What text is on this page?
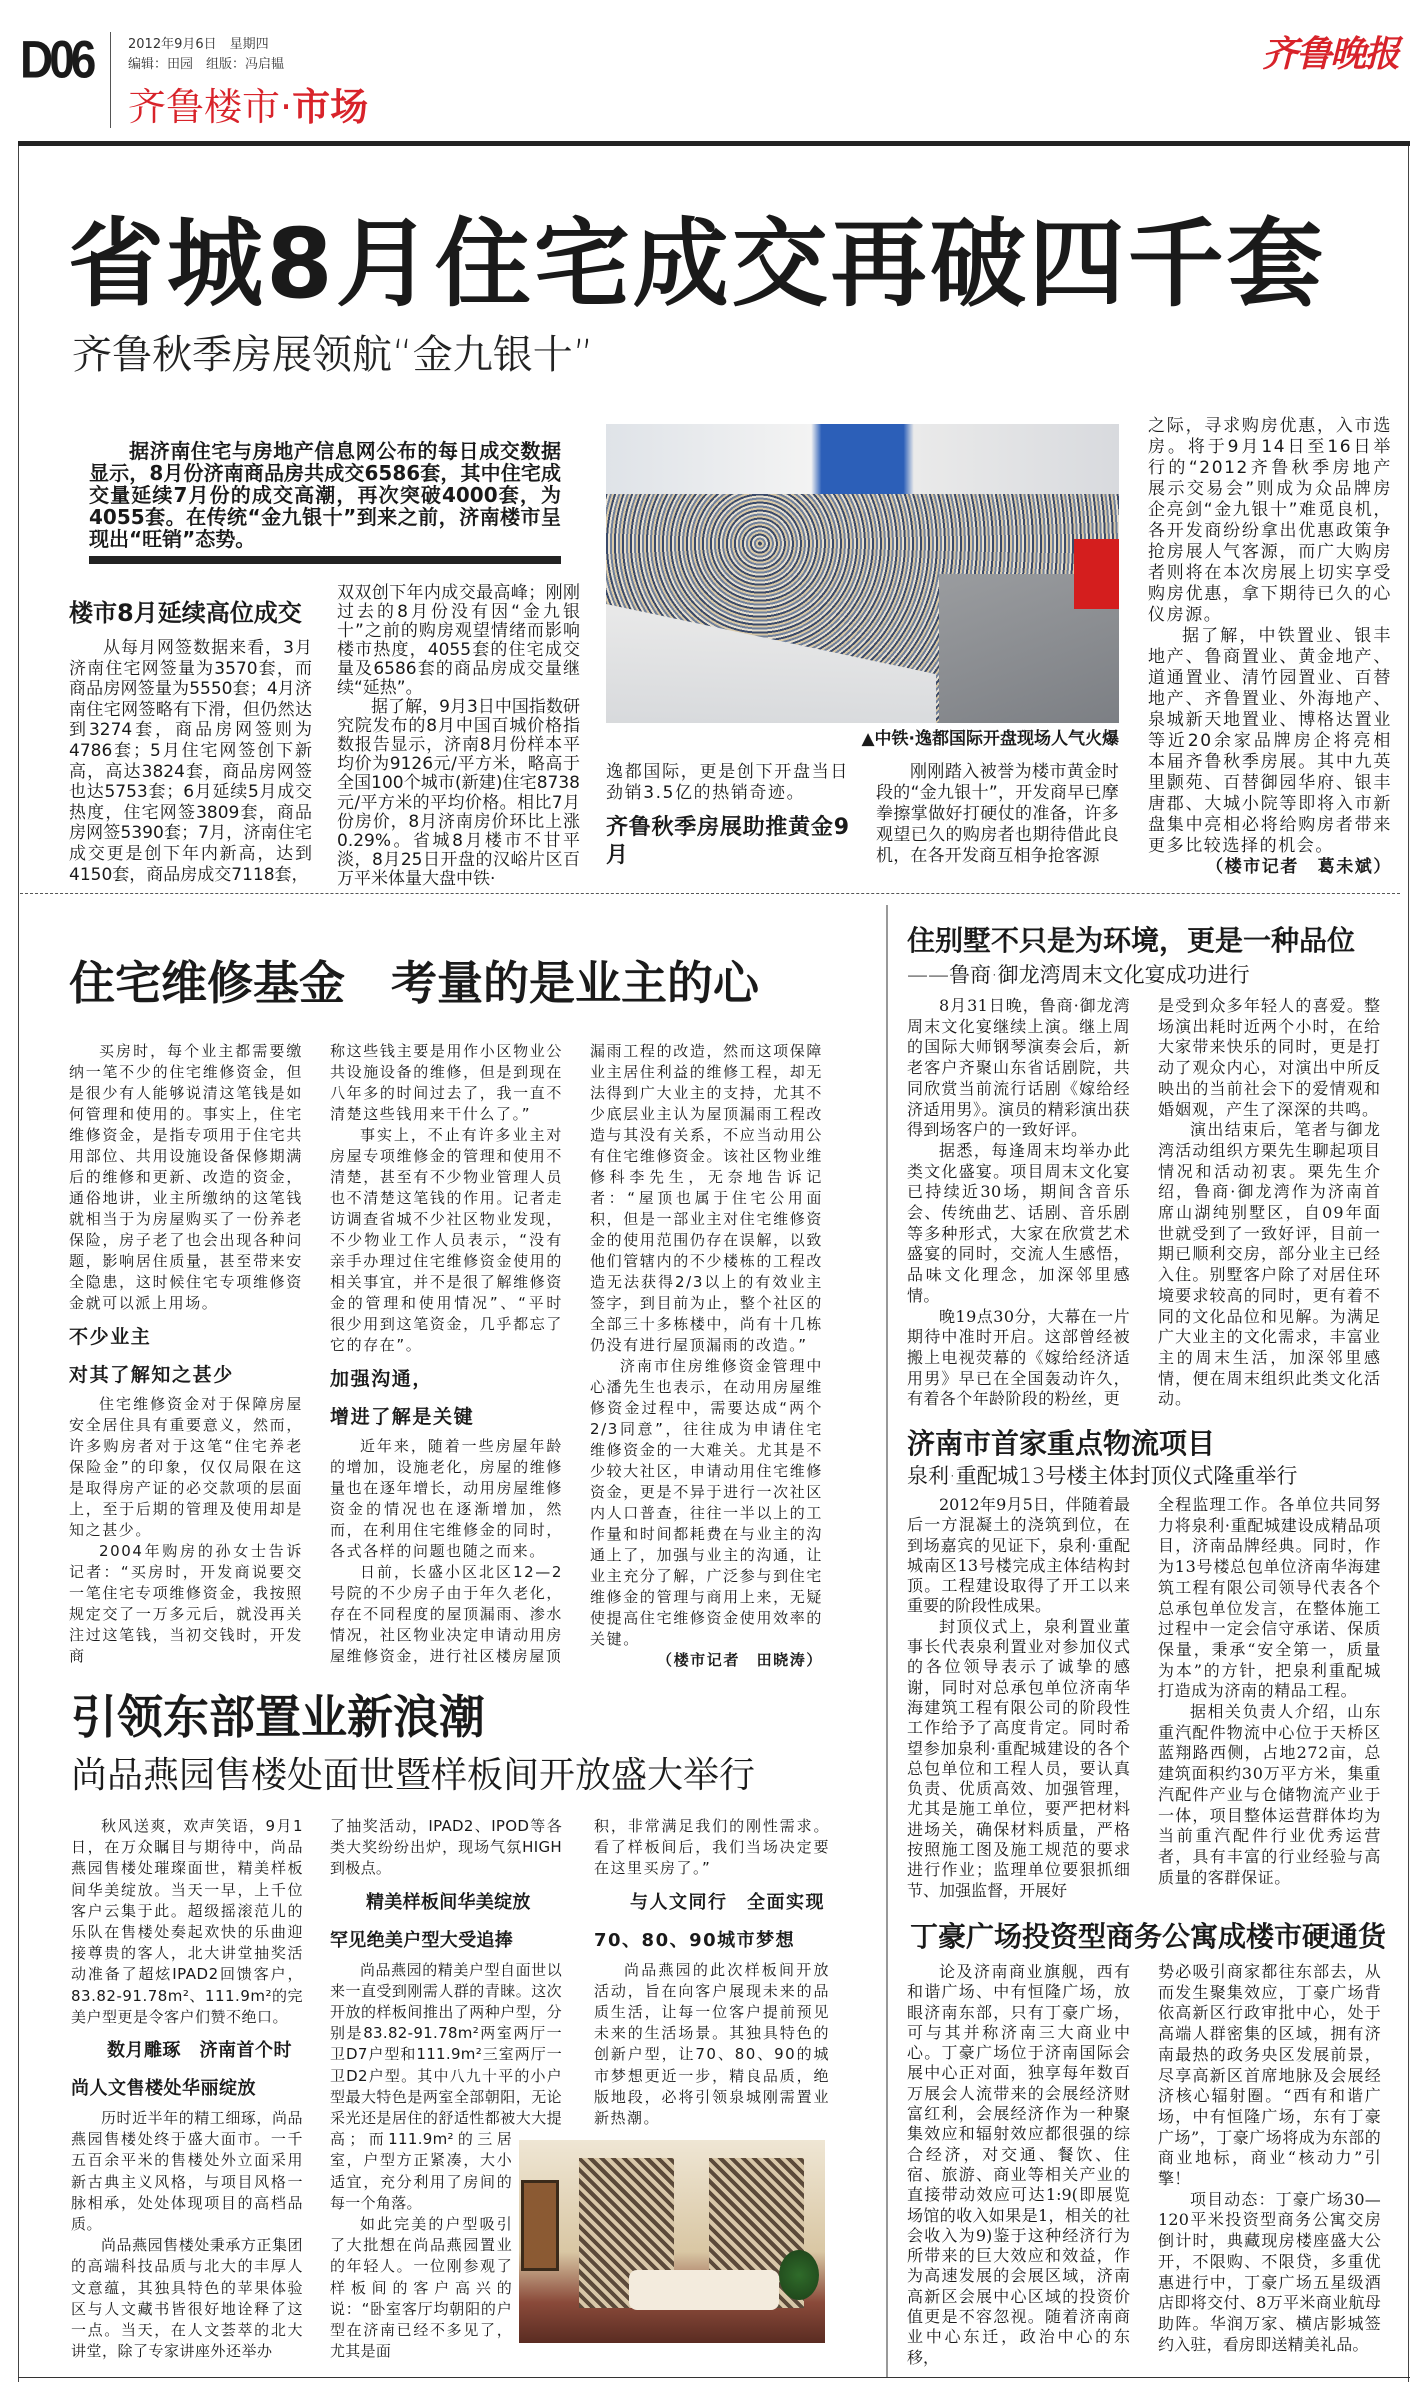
D06	2012年9月6日　星期四
编辑：田园　组版：冯启韫
齐鲁楼市·市场
齐鲁晚报
省城8月住宅成交再破四千套
齐鲁秋季房展领航“金九银十”
据济南住宅与房地产信息网公布的每日成交数据显示，8月份济南商品房共成交6586套，其中住宅成交量延续7月份的成交高潮，再次突破4000套，为4055套。在传统“金九银十”到来之前，济南楼市呈现出“旺销”态势。
楼市8月延续高位成交

从每月网签数据来看，3月济南住宅网签量为3570套，而商品房网签量为5550套；4月济南住宅网签略有下滑，但仍然达到3274套，商品房网签则为4786套；5月住宅网签创下新高，高达3824套，商品房网签也达5753套；6月延续5月成交热度，住宅网签3809套，商品房网签5390套；7月，济南住宅成交更是创下年内新高，达到4150套，商品房成交7118套，

双双创下年内成交最高峰；刚刚过去的8月份没有因“金九银十”之前的购房观望情绪而影响楼市热度，4055套的住宅成交量及6586套的商品房成交量继续“延热”。

据了解，9月3日中国指数研究院发布的8月中国百城价格指数报告显示，济南8月份样本平均价为9126元/平方米，略高于全国100个城市(新建)住宅8738元/平方米的平均价格。相比7月份房价，8月济南房价环比上涨0.29%。省城8月楼市不甘平淡，8月25日开盘的汉峪片区百万平米体量大盘中铁·

▲中铁·逸都国际开盘现场人气火爆

逸都国际，更是创下开盘当日劲销3.5亿的热销奇迹。

齐鲁秋季房展助推黄金9月

刚刚踏入被誉为楼市黄金时段的“金九银十”，开发商早已摩拳擦掌做好打硬仗的准备，许多观望已久的购房者也期待借此良机，在各开发商互相争抢客源

之际，寻求购房优惠，入市选房。将于9月14日至16日举行的“2012齐鲁秋季房地产展示交易会”则成为众品牌房企亮剑“金九银十”难觅良机，各开发商纷纷拿出优惠政策争抢房展人气客源，而广大购房者则将在本次房展上切实享受购房优惠，拿下期待已久的心仪房源。

据了解，中铁置业、银丰地产、鲁商置业、黄金地产、道通置业、清竹园置业、百替地产、齐鲁置业、外海地产、泉城新天地置业、博格达置业等近20余家品牌房企将亮相本届齐鲁秋季房展。其中九英里颢苑、百替御园华府、银丰唐郡、大城小院等即将入市新盘集中亮相必将给购房者带来更多比较选择的机会。

（楼市记者　葛未斌）

住宅维修基金　考量的是业主的心

买房时，每个业主都需要缴纳一笔不少的住宅维修资金，但是很少有人能够说清这笔钱是如何管理和使用的。事实上，住宅维修资金，是指专项用于住宅共用部位、共用设施设备保修期满后的维修和更新、改造的资金，通俗地讲，业主所缴纳的这笔钱就相当于为房屋购买了一份养老保险，房子老了也会出现各种问题，影响居住质量，甚至带来安全隐患，这时候住宅专项维修资金就可以派上用场。

不少业主

对其了解知之甚少

住宅维修资金对于保障房屋安全居住具有重要意义，然而，许多购房者对于这笔“住宅养老保险金”的印象，仅仅局限在这是取得房产证的必交款项的层面上，至于后期的管理及使用却是知之甚少。

2004年购房的孙女士告诉记者：“买房时，开发商说要交一笔住宅专项维修资金，我按照规定交了一万多元后，就没再关注过这笔钱，当初交钱时，开发商

称这些钱主要是用作小区物业公共设施设备的维修，但是到现在八年多的时间过去了，我一直不清楚这些钱用来干什么了。”

事实上，不止有许多业主对房屋专项维修金的管理和使用不清楚，甚至有不少物业管理人员也不清楚这笔钱的作用。记者走访调查省城不少社区物业发现，不少物业工作人员表示，“没有亲手办理过住宅维修资金使用的相关事宜，并不是很了解维修资金的管理和使用情况”、“平时很少用到这笔资金，几乎都忘了它的存在”。

加强沟通，

增进了解是关键

近年来，随着一些房屋年龄的增加，设施老化，房屋的维修量也在逐年增长，动用房屋维修资金的情况也在逐渐增加，然而，在利用住宅维修金的同时，各式各样的问题也随之而来。

日前，长盛小区北区12—2号院的不少房子由于年久老化，存在不同程度的屋顶漏雨、渗水情况，社区物业决定申请动用房屋维修资金，进行社区楼房屋顶

漏雨工程的改造，然而这项保障业主居住利益的维修工程，却无法得到广大业主的支持，尤其不少底层业主认为屋顶漏雨工程改造与其没有关系，不应当动用公有住宅维修资金。该社区物业维修科李先生，无奈地告诉记者：“屋顶也属于住宅公用面积，但是一部业主对住宅维修资金的使用范围仍存在误解，以致他们管辖内的不少楼栋的工程改造无法获得2/3以上的有效业主签字，到目前为止，整个社区的全部三十多栋楼中，尚有十几栋仍没有进行屋顶漏雨的改造。”

济南市住房维修资金管理中心潘先生也表示，在动用房屋维修资金过程中，需要达成“两个2/3同意”，往往成为申请住宅维修资金的一大难关。尤其是不少较大社区，申请动用住宅维修资金，更是不异于进行一次社区内人口普查，往往一半以上的工作量和时间都耗费在与业主的沟通上了，加强与业主的沟通，让业主充分了解，广泛参与到住宅维修金的管理与商用上来，无疑使提高住宅维修资金使用效率的关键。

（楼市记者　田晓涛）

引领东部置业新浪潮
尚品燕园售楼处面世暨样板间开放盛大举行

秋风送爽，欢声笑语，9月1日，在万众瞩目与期待中，尚品燕园售楼处璀璨面世，精美样板间华美绽放。当天一早，上千位客户云集于此。超级摇滚范儿的乐队在售楼处奏起欢快的乐曲迎接尊贵的客人，北大讲堂抽奖活动准备了超炫IPAD2回馈客户，83.82-91.78m²、111.9m²的完美户型更是令客户们赞不绝口。

数月雕琢　济南首个时

尚人文售楼处华丽绽放

历时近半年的精工细琢，尚品燕园售楼处终于盛大面市。一千五百余平米的售楼处外立面采用新古典主义风格，与项目风格一脉相承，处处体现项目的高档品质。

尚品燕园售楼处秉承方正集团的高端科技品质与北大的丰厚人文意蕴，其独具特色的苹果体验区与人文藏书皆很好地诠释了这一点。当天，在人文荟萃的北大讲堂，除了专家讲座外还举办

了抽奖活动，IPAD2、IPOD等各类大奖纷纷出炉，现场气氛HIGH到极点。

精美样板间华美绽放

罕见绝美户型大受追捧

尚品燕园的精美户型自面世以来一直受到刚需人群的青睐。这次开放的样板间推出了两种户型，分别是83.82-91.78m²两室两厅一卫D7户型和111.9m²三室两厅一卫D2户型。其中八九十平的小户型最大特色是两室全部朝阳，无论采光还是居住的舒适性都被大大提高；而111.9m²的三居室，户型方正紧凑，大小适宜，充分利用了房间的每一个角落。

如此完美的户型吸引了大批想在尚品燕园置业的年轻人。一位刚参观了样板间的客户高兴的说：“卧室客厅均朝阳的户型在济南已经不多见了，尤其是面

积，非常满足我们的刚性需求。看了样板间后，我们当场决定要在这里买房了。”

与人文同行　全面实现

70、80、90城市梦想

尚品燕园的此次样板间开放活动，旨在向客户展现未来的品质生活，让每一位客户提前预见未来的生活场景。其独具特色的创新户型，让70、80、90的城市梦想更近一步，精良品质，绝版地段，必将引领泉城刚需置业新热潮。

住别墅不只是为环境，更是一种品位
——鲁商·御龙湾周末文化宴成功进行

8月31日晚，鲁商·御龙湾周末文化宴继续上演。继上周的国际大师钢琴演奏会后，新老客户齐聚山东省话剧院，共同欣赏当前流行话剧《嫁给经济适用男》。演员的精彩演出获得到场客户的一致好评。

据悉，每逢周末均举办此类文化盛宴。项目周末文化宴已持续近30场，期间含音乐会、传统曲艺、话剧、音乐剧等多种形式，大家在欣赏艺术盛宴的同时，交流人生感悟，品味文化理念，加深邻里感情。

晚19点30分，大幕在一片期待中准时开启。这部曾经被搬上电视荧幕的《嫁给经济适用男》早已在全国轰动许久，有着各个年龄阶段的粉丝，更

是受到众多年轻人的喜爱。整场演出耗时近两个小时，在给大家带来快乐的同时，更是打动了观众内心，对演出中所反映出的当前社会下的爱情观和婚姻观，产生了深深的共鸣。

演出结束后，笔者与御龙湾活动组织方栗先生聊起项目情况和活动初衷。栗先生介绍，鲁商·御龙湾作为济南首席山湖纯别墅区，自09年面世就受到了一致好评，目前一期已顺利交房，部分业主已经入住。别墅客户除了对居住环境要求较高的同时，更有着不同的文化品位和见解。为满足广大业主的文化需求，丰富业主的周末生活，加深邻里感情，便在周末组织此类文化活动。

济南市首家重点物流项目
泉利·重配城13号楼主体封顶仪式隆重举行

2012年9月5日，伴随着最后一方混凝土的浇筑到位，在到场嘉宾的见证下，泉利·重配城南区13号楼完成主体结构封顶。工程建设取得了开工以来重要的阶段性成果。

封顶仪式上，泉利置业董事长代表泉利置业对参加仪式的各位领导表示了诚挚的感谢，同时对总承包单位济南华海建筑工程有限公司的阶段性工作给予了高度肯定。同时希望参加泉利·重配城建设的各个总包单位和工程人员，要认真负责、优质高效、加强管理，尤其是施工单位，要严把材料进场关，确保材料质量，严格按照施工图及施工规范的要求进行作业；监理单位要狠抓细节、加强监督，开展好

全程监理工作。各单位共同努力将泉利·重配城建设成精品项目，济南品牌经典。同时，作为13号楼总包单位济南华海建筑工程有限公司领导代表各个总承包单位发言，在整体施工过程中一定会信守承诺、保质保量，秉承“安全第一，质量为本”的方针，把泉利重配城打造成为济南的精品工程。

据相关负责人介绍，山东重汽配件物流中心位于天桥区蓝翔路西侧，占地272亩，总建筑面积约30万平方米，集重汽配件产业与仓储物流产业于一体，项目整体运营群体均为当前重汽配件行业优秀运营者，具有丰富的行业经验与高质量的客群保证。

丁豪广场投资型商务公寓成楼市硬通货

论及济南商业旗舰，西有和谐广场、中有恒隆广场，放眼济南东部，只有丁豪广场，可与其并称济南三大商业中心。丁豪广场位于济南国际会展中心正对面，独享每年数百万展会人流带来的会展经济财富红利，会展经济作为一种聚集效应和辐射效应都很强的综合经济，对交通、餐饮、住宿、旅游、商业等相关产业的直接带动效应可达1:9(即展览场馆的收入如果是1，相关的社会收入为9)鉴于这种经济行为所带来的巨大效应和效益，作为高速发展的会展区域，济南高新区会展中心区域的投资价值更是不容忽视。随着济南商业中心东迁，政治中心的东移，

势必吸引商家都往东部去，从而发生聚集效应，丁豪广场背依高新区行政审批中心，处于高端人群密集的区域，拥有济南最热的政务央区发展前景，尽享高新区首席地脉及会展经济核心辐射圈。“西有和谐广场，中有恒隆广场，东有丁豪广场”，丁豪广场将成为东部的商业地标，商业“核动力”引擎！

项目动态：丁豪广场30—120平米投资型商务公寓交房倒计时，典藏现房楼座盛大公开，不限购、不限贷，多重优惠进行中，丁豪广场五星级酒店即将交付、8万平米商业航母助阵。华润万家、横店影城签约入驻，看房即送精美礼品。
